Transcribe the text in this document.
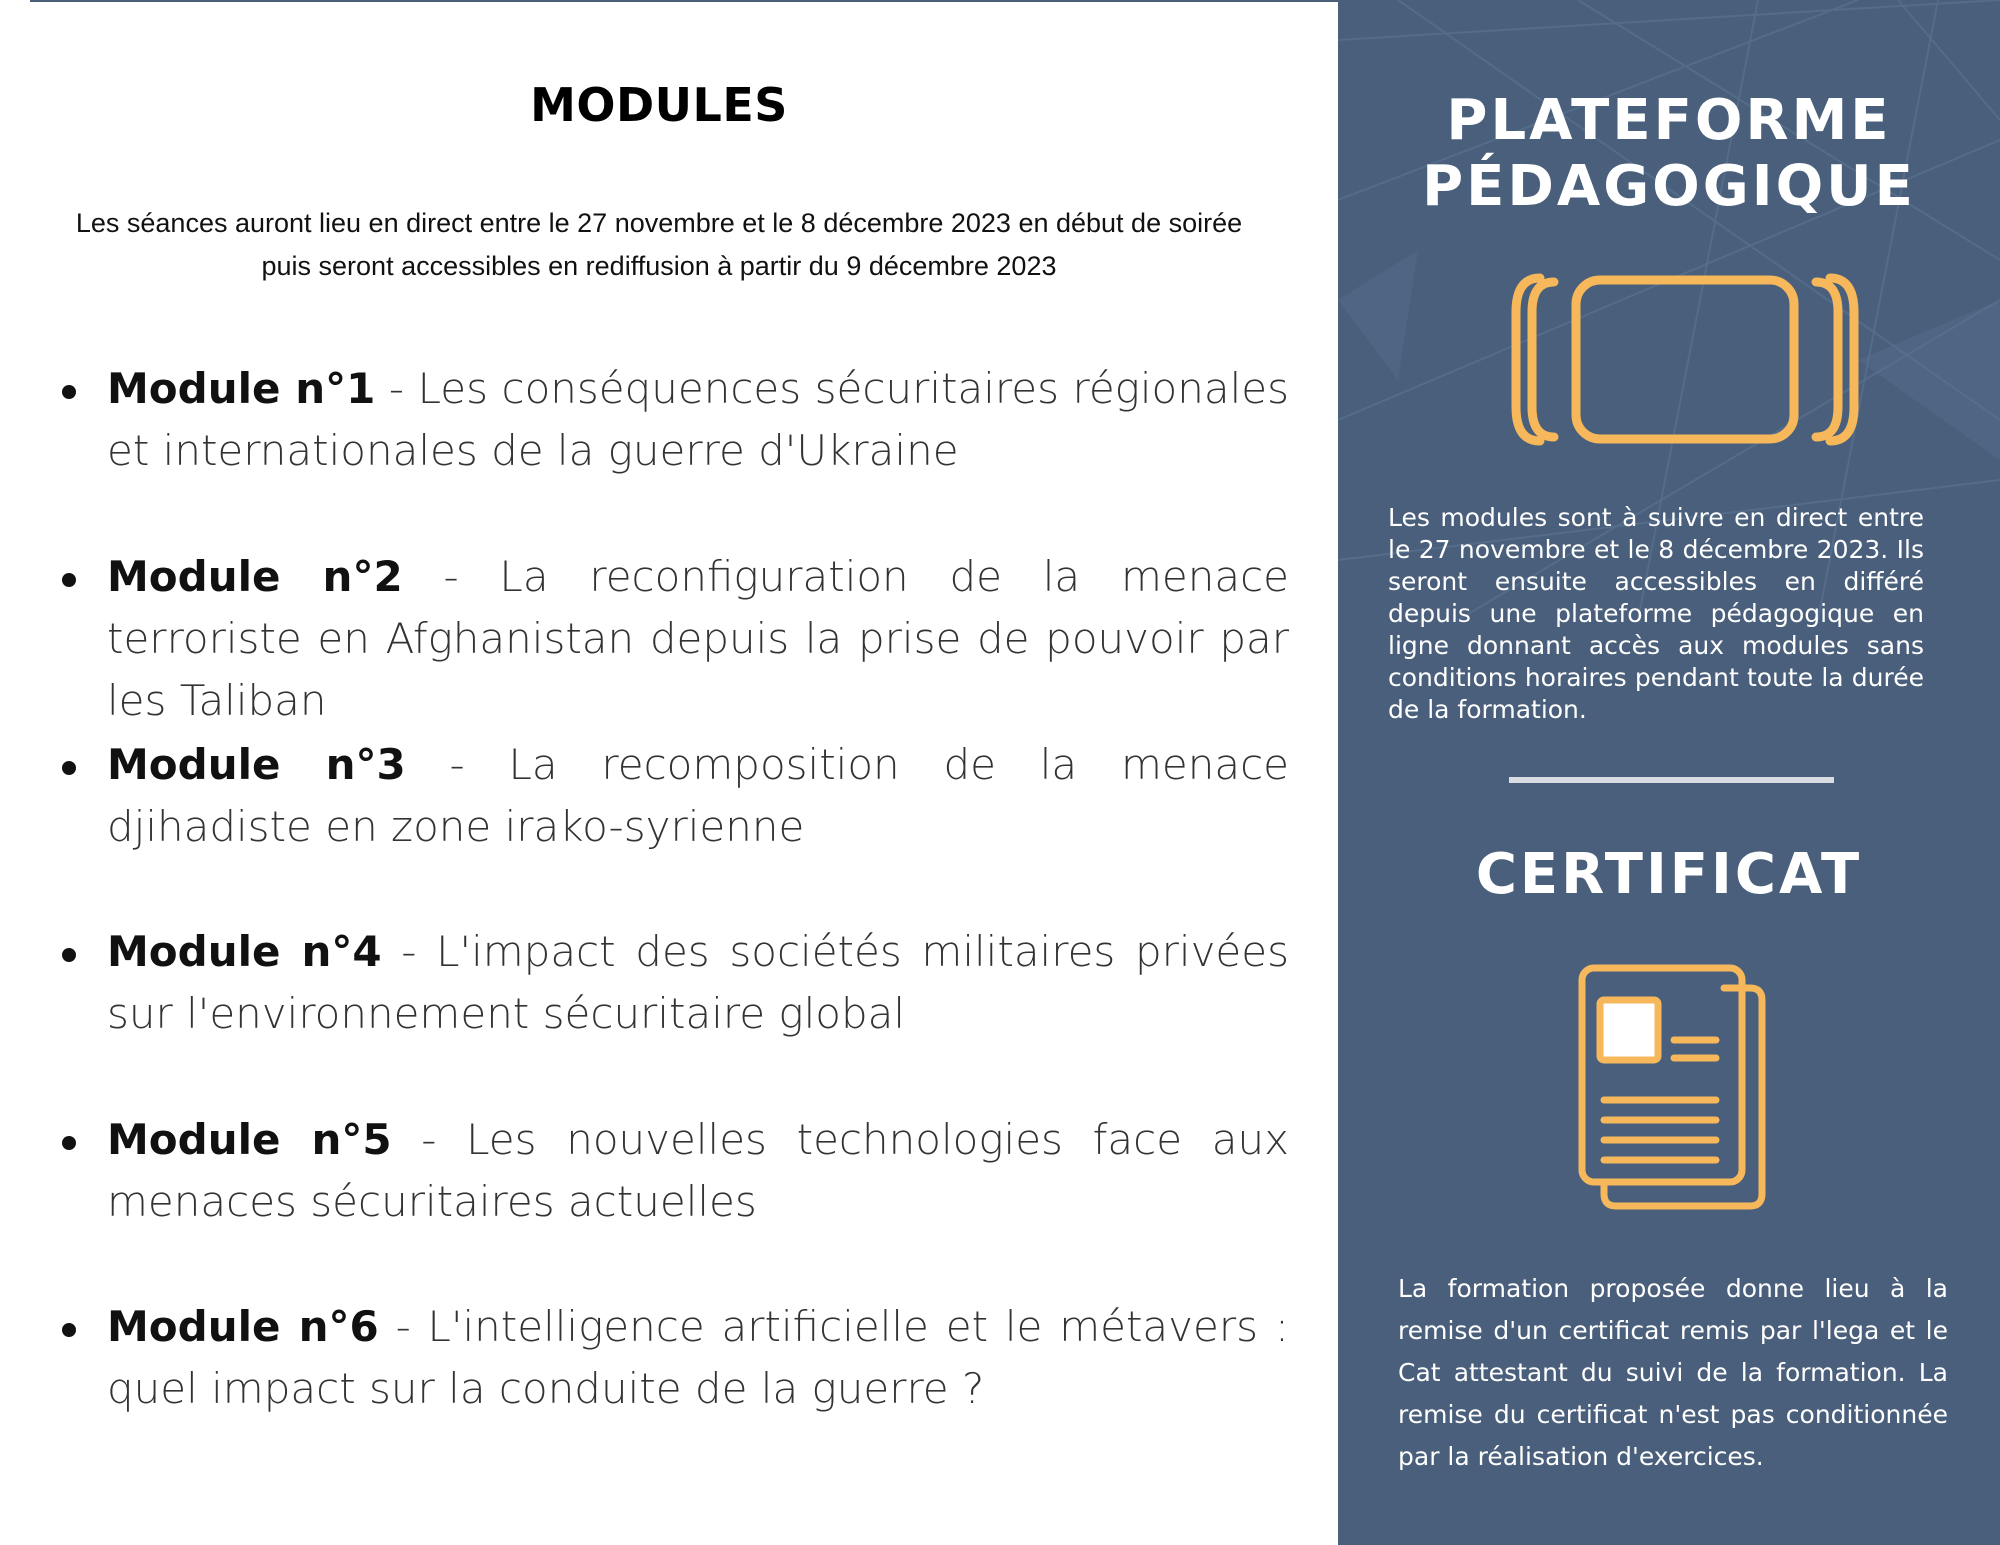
MODULES
Les séances auront lieu en direct entre le 27 novembre et le 8 décembre 2023 en début de soirée
puis seront accessibles en rediffusion à partir du 9 décembre 2023
Module n°1 - Les conséquences sécuritaires régionales et internationales de la guerre d'Ukraine
Module n°2 - La reconfiguration de la menace terroriste en Afghanistan depuis la prise de pouvoir par les Taliban
Module n°3 - La recomposition de la menace djihadiste en zone irako-syrienne
Module n°4 - L'impact des sociétés militaires privées sur l'environnement sécuritaire global
Module n°5 - Les nouvelles technologies face aux menaces sécuritaires actuelles
Module n°6 - L'intelligence artificielle et le métavers : quel impact sur la conduite de la guerre ?
PLATEFORME
PÉDAGOGIQUE
Les modules sont à suivre en direct entre le 27 novembre et le 8 décembre 2023. Ils seront ensuite accessibles en différé depuis une plateforme pédagogique en ligne donnant accès aux modules sans conditions horaires pendant toute la durée de la formation.
CERTIFICAT
La formation proposée donne lieu à la remise d'un certificat remis par l'lega et le Cat attestant du suivi de la formation. La remise du certificat n'est pas conditionnée par la réalisation d'exercices.
